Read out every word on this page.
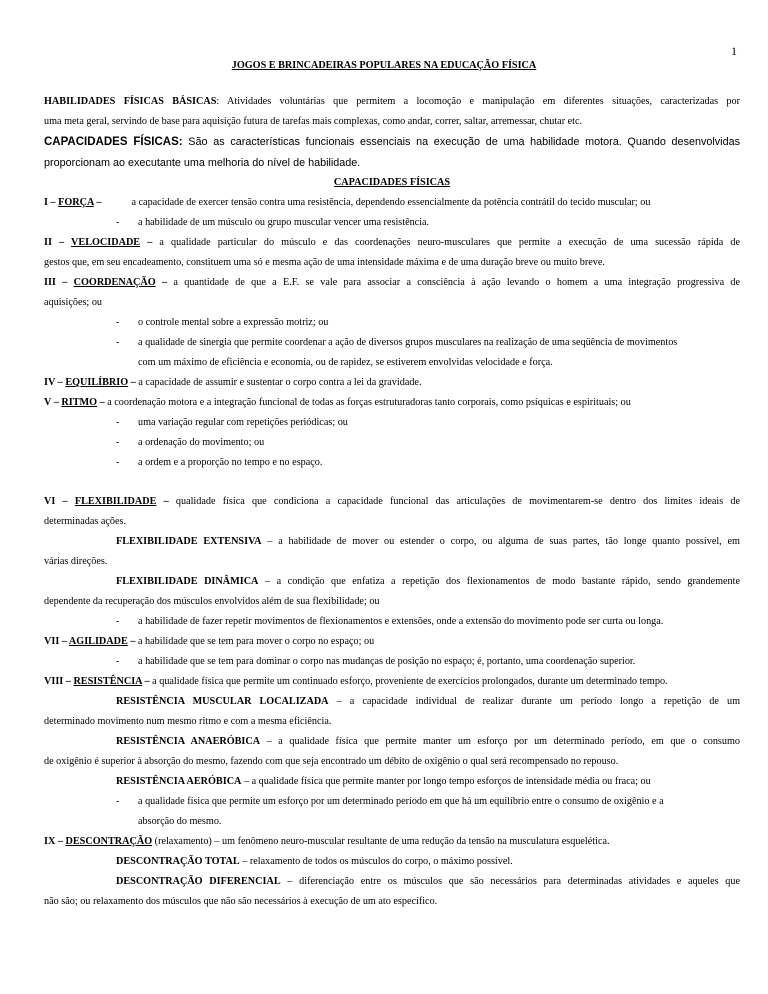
1
JOGOS E BRINCADEIRAS POPULARES NA EDUCAÇÃO FÍSICA
HABILIDADES FÍSICAS BÁSICAS: Atividades voluntárias que permitem a locomoção e manipulação em diferentes situações, caracterizadas por
uma meta geral, servindo de base para aquisição futura de tarefas mais complexas, como andar, correr, saltar, arremessar, chutar etc.
CAPACIDADES FÍSICAS: São as características funcionais essenciais na execução de uma habilidade motora. Quando desenvolvidas
proporcionam ao executante uma melhoria do nível de habilidade.
CAPACIDADES FÍSICAS
I – FORÇA –	a capacidade de exercer tensão contra uma resistência, dependendo essencialmente da potência contrátil do tecido muscular; ou
- a habilidade de um músculo ou grupo muscular vencer uma resistência.
II – VELOCIDADE – a qualidade particular do músculo e das coordenações neuro-musculares que permite a execução de uma sucessão rápida de
gestos que, em seu encadeamento, constituem uma só e mesma ação de uma intensidade máxima e de uma duração breve ou muito breve.
III – COORDENAÇÃO – a quantidade de que a E.F. se vale para associar a consciência à ação levando o homem a uma integração progressiva de
aquisições; ou
- o controle mental sobre a expressão motriz; ou
- a qualidade de sinergia que permite coordenar a ação de diversos grupos musculares na realização de uma seqüência de movimentos
com um máximo de eficiência e economia, ou de rapidez, se estiverem envolvidas velocidade e força.
IV – EQUILÍBRIO – a capacidade de assumir e sustentar o corpo contra a lei da gravidade.
V – RITMO – a coordenação motora e a integração funcional de todas as forças estruturadoras tanto corporais, como psíquicas e espirituais; ou
- uma variação regular com repetições periódicas; ou
- a ordenação do movimento; ou
- a ordem e a proporção no tempo e no espaço.
VI – FLEXIBILIDADE – qualidade física que condiciona a capacidade funcional das articulações de movimentarem-se dentro dos limites ideais de
determinadas ações.
FLEXIBILIDADE EXTENSIVA – a habilidade de mover ou estender o corpo, ou alguma de suas partes, tão longe quanto possível, em
várias direções.
FLEXIBILIDADE DINÂMICA – a condição que enfatiza a repetição dos flexionamentos de modo bastante rápido, sendo grandemente
dependente da recuperação dos músculos envolvidos além de sua flexibilidade; ou
- a habilidade de fazer repetir movimentos de flexionamentos e extensões, onde a extensão do movimento pode ser curta ou longa.
VII – AGILIDADE – a habilidade que se tem para mover o corpo no espaço; ou
- a habilidade que se tem para dominar o corpo nas mudanças de posição no espaço; é, portanto, uma coordenação superior.
VIII – RESISTÊNCIA – a qualidade física que permite um continuado esforço, proveniente de exercícios prolongados, durante um determinado tempo.
RESISTÊNCIA MUSCULAR LOCALIZADA – a capacidade individual de realizar durante um período longo a repetição de um
determinado movimento num mesmo ritmo e com a mesma eficiência.
RESISTÊNCIA ANAERÓBICA – a qualidade física que permite manter um esforço por um determinado período, em que o consumo
de oxigênio é superior à absorção do mesmo, fazendo com que seja encontrado um débito de oxigênio o qual será recompensado no repouso.
RESISTÊNCIA AERÓBICA – a qualidade física que permite manter por longo tempo esforços de intensidade média ou fraca; ou
- a qualidade física que permite um esforço por um determinado período em que há um equilíbrio entre o consumo de oxigênio e a
absorção do mesmo.
IX – DESCONTRAÇÃO (relaxamento) – um fenômeno neuro-muscular resultante de uma redução da tensão na musculatura esquelética.
DESCONTRAÇÃO TOTAL – relaxamento de todos os músculos do corpo, o máximo possível.
DESCONTRAÇÃO DIFERENCIAL – diferenciação entre os músculos que são necessários para determinadas atividades e aqueles que
não são; ou relaxamento dos músculos que não são necessários à execução de um ato específico.
